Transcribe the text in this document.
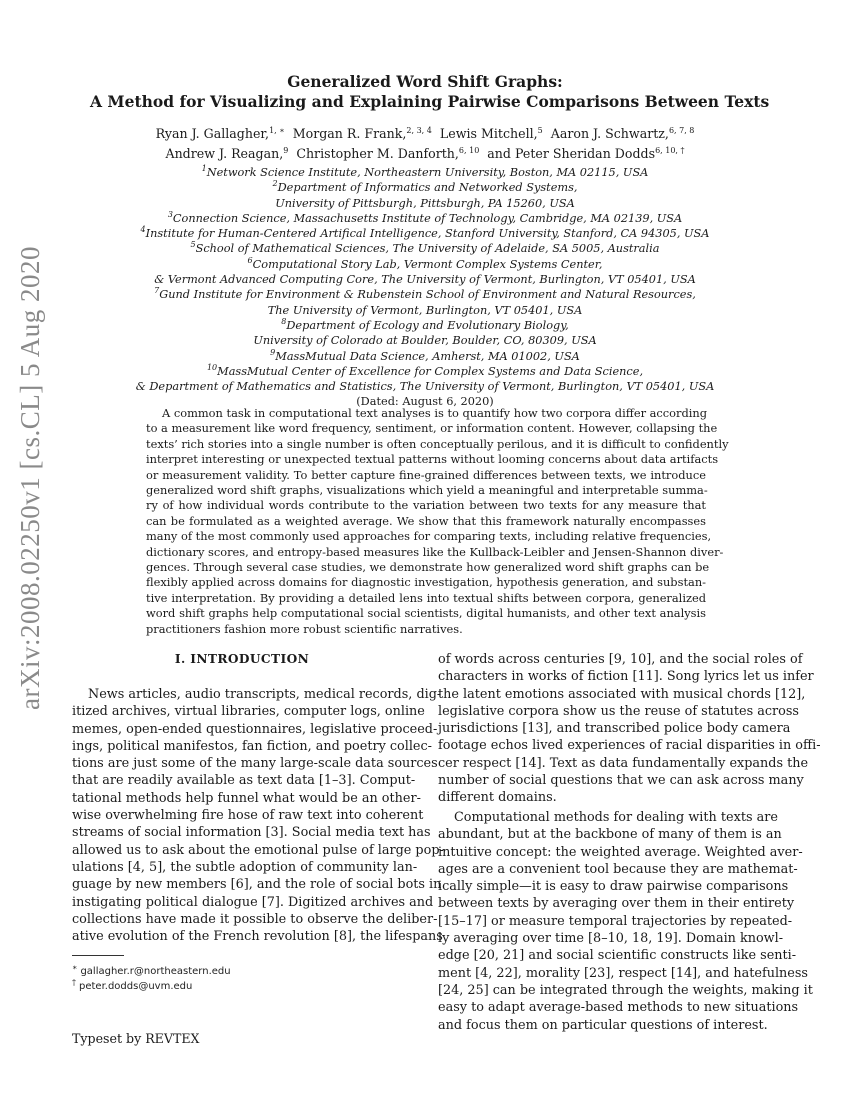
arXiv:2008.02250v1 [cs.CL] 5 Aug 2020
Generalized Word Shift Graphs:
A Method for Visualizing and Explaining Pairwise Comparisons Between Texts
Ryan J. Gallagher,$^{1, ∗}$ Morgan R. Frank,$^{2, 3, 4}$ Lewis Mitchell,$^5$ Aaron J. Schwartz,$^{6, 7, 8}$
Andrew J. Reagan,$^9$ Christopher M. Danforth,$^{6, 10}$ and Peter Sheridan Dodds$^{6, 10, \dagger}$
$^1$Network Science Institute, Northeastern University, Boston, MA 02115, USA
$^2$Department of Informatics and Networked Systems,
University of Pittsburgh, Pittsburgh, PA 15260, USA
$^3$Connection Science, Massachusetts Institute of Technology, Cambridge, MA 02139, USA
$^4$Institute for Human-Centered Artifical Intelligence, Stanford University, Stanford, CA 94305, USA
$^5$School of Mathematical Sciences, The University of Adelaide, SA 5005, Australia
$^6$Computational Story Lab, Vermont Complex Systems Center,
& Vermont Advanced Computing Core, The University of Vermont, Burlington, VT 05401, USA
$^7$Gund Institute for Environment & Rubenstein School of Environment and Natural Resources,
The University of Vermont, Burlington, VT 05401, USA
$^8$Department of Ecology and Evolutionary Biology,
University of Colorado at Boulder, Boulder, CO, 80309, USA
$^9$MassMutual Data Science, Amherst, MA 01002, USA
$^{10}$MassMutual Center of Excellence for Complex Systems and Data Science,
& Department of Mathematics and Statistics, The University of Vermont, Burlington, VT 05401, USA
(Dated: August 6, 2020)
A common task in computational text analyses is to quantify how two corpora differ according
to a measurement like word frequency, sentiment, or information content. However, collapsing the
texts’ rich stories into a single number is often conceptually perilous, and it is difficult to confidently
interpret interesting or unexpected textual patterns without looming concerns about data artifacts
or measurement validity. To better capture fine-grained differences between texts, we introduce
generalized word shift graphs, visualizations which yield a meaningful and interpretable summa-
ry of how individual words contribute to the variation between two texts for any measure that
can be formulated as a weighted average. We show that this framework naturally encompasses
many of the most commonly used approaches for comparing texts, including relative frequencies,
dictionary scores, and entropy-based measures like the Kullback-Leibler and Jensen-Shannon diver-
gences. Through several case studies, we demonstrate how generalized word shift graphs can be
flexibly applied across domains for diagnostic investigation, hypothesis generation, and substan-
tive interpretation. By providing a detailed lens into textual shifts between corpora, generalized
word shift graphs help computational social scientists, digital humanists, and other text analysis
practitioners fashion more robust scientific narratives.
I. INTRODUCTION
News articles, audio transcripts, medical records, dig-
itized archives, virtual libraries, computer logs, online
memes, open-ended questionnaires, legislative proceed-
ings, political manifestos, fan fiction, and poetry collec-
tions are just some of the many large-scale data sources
that are readily available as text data [1–3]. Comput-
tational methods help funnel what would be an other-
wise overwhelming fire hose of raw text into coherent
streams of social information [3]. Social media text has
allowed us to ask about the emotional pulse of large pop-
ulations [4, 5], the subtle adoption of community lan-
guage by new members [6], and the role of social bots in
instigating political dialogue [7]. Digitized archives and
collections have made it possible to observe the deliber-
ative evolution of the French revolution [8], the lifespans
of words across centuries [9, 10], and the social roles of
characters in works of fiction [11]. Song lyrics let us infer
the latent emotions associated with musical chords [12],
legislative corpora show us the reuse of statutes across
jurisdictions [13], and transcribed police body camera
footage echos lived experiences of racial disparities in offi-
cer respect [14]. Text as data fundamentally expands the
number of social questions that we can ask across many
different domains.
Computational methods for dealing with texts are
abundant, but at the backbone of many of them is an
intuitive concept: the weighted average. Weighted aver-
ages are a convenient tool because they are mathemat-
ically simple—it is easy to draw pairwise comparisons
between texts by averaging over them in their entirety
[15–17] or measure temporal trajectories by repeated-
ly averaging over time [8–10, 18, 19]. Domain knowl-
edge [20, 21] and social scientific constructs like senti-
ment [4, 22], morality [23], respect [14], and hatefulness
[24, 25] can be integrated through the weights, making it
easy to adapt average-based methods to new situations
and focus them on particular questions of interest.
∗ gallagher.r@northeastern.edu
† peter.dodds@uvm.edu
Typeset by REVTEX
